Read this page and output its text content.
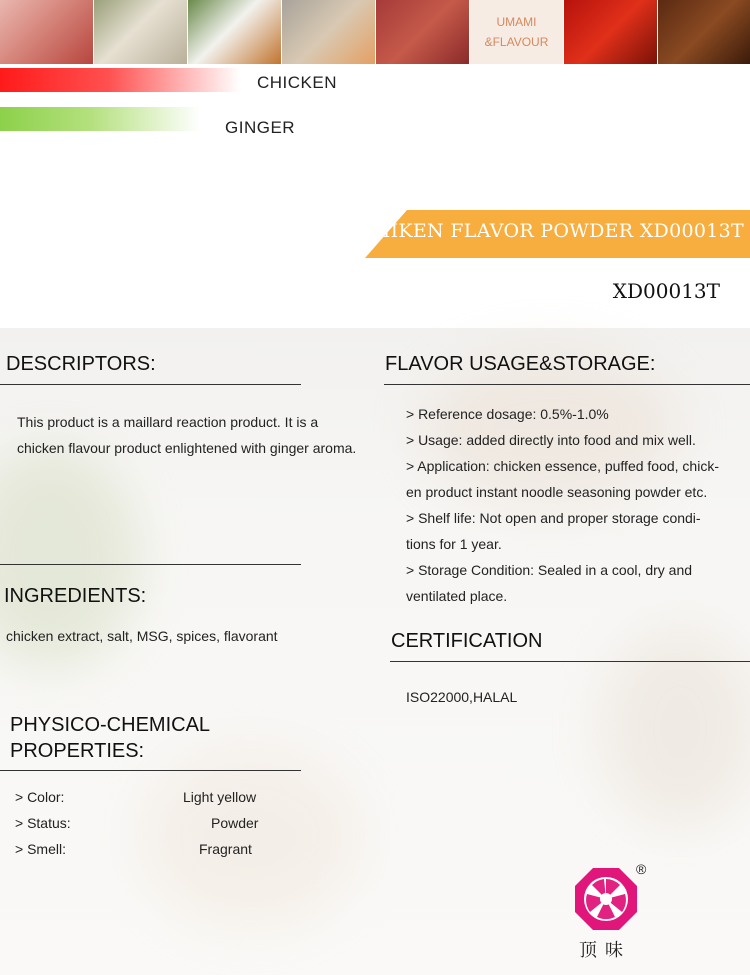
UMAMI
&FLAVOUR
CHICKEN
GINGER
CHIKEN FLAVOR POWDER XD00013T
XD00013T
DESCRIPTORS:
This product is a maillard reaction product. It is a
chicken flavour product enlightened with ginger aroma.
INGREDIENTS:
chicken extract, salt, MSG, spices, flavorant
PHYSICO-CHEMICAL
PROPERTIES:
> Color:	Light yellow
> Status:	Powder
> Smell:	Fragrant
FLAVOR USAGE&STORAGE:
> Reference dosage: 0.5%-1.0%
> Usage: added directly into food and mix well.
> Application: chicken essence, puffed food, chick-
en product instant noodle seasoning powder etc.
> Shelf life: Not open and proper storage condi-
tions for 1 year.
> Storage Condition: Sealed in a cool, dry and
ventilated place.
CERTIFICATION
ISO22000,HALAL
®
顶味
